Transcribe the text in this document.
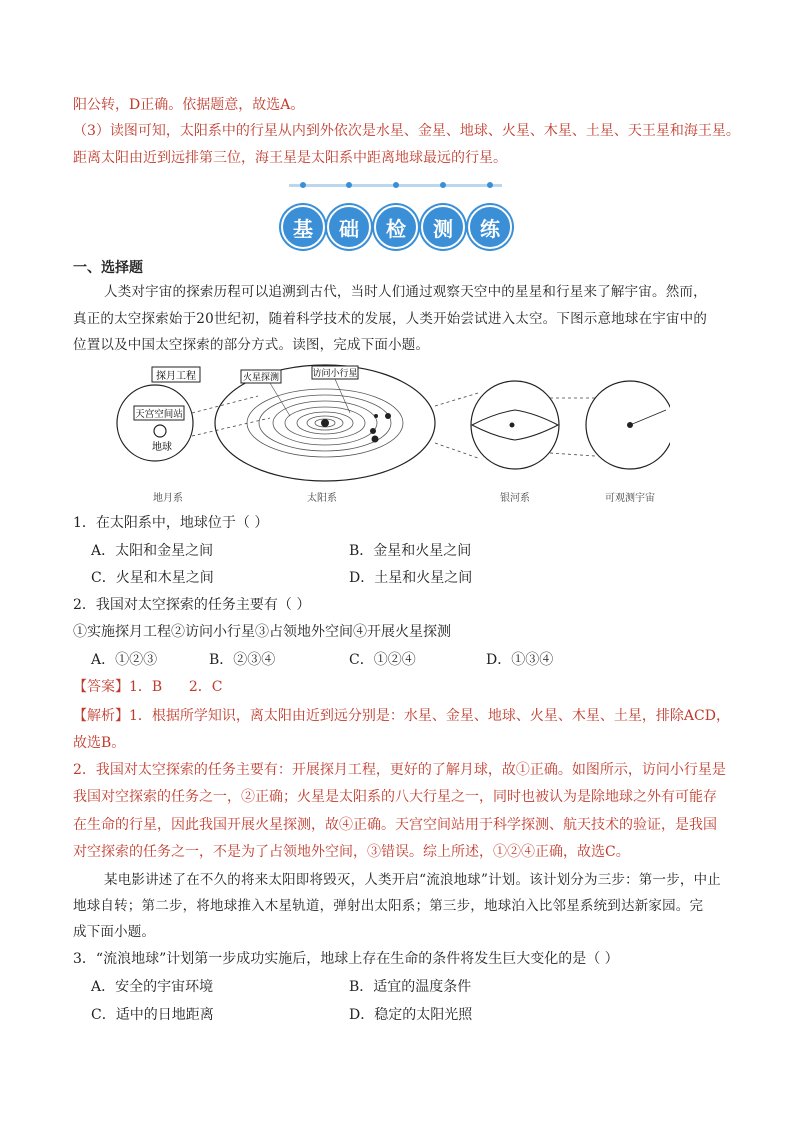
阳公转，D正确。依据题意，故选A。
（3）读图可知，太阳系中的行星从内到外依次是水星、金星、地球、火星、木星、土星、天王星和海王星。
距离太阳由近到远排第三位，海王星是太阳系中距离地球最远的行星。
基	础	检	测	练
一、选择题
人类对宇宙的探索历程可以追溯到古代，当时人们通过观察天空中的星星和行星来了解宇宙。然而，
真正的太空探索始于20世纪初，随着科学技术的发展，人类开始尝试进入太空。下图示意地球在宇宙中的
位置以及中国太空探索的部分方式。读图，完成下面小题。
探月工程
天宫空间站
地球
火星探测	访问小行星
地月系	太阳系	银河系	可观测宇宙
1．在太阳系中，地球位于（ ）
A．太阳和金星之间	B．金星和火星之间
C．火星和木星之间	D．土星和火星之间
2．我国对太空探索的任务主要有（ ）
①实施探月工程②访问小行星③占领地外空间④开展火星探测
A．①②③	B．②③④	C．①②④	D．①③④
【答案】1．B      2．C
【解析】1．根据所学知识，离太阳由近到远分别是：水星、金星、地球、火星、木星、土星，排除ACD，
故选B。
2．我国对太空探索的任务主要有：开展探月工程，更好的了解月球，故①正确。如图所示，访问小行星是
我国对空探索的任务之一，②正确；火星是太阳系的八大行星之一，同时也被认为是除地球之外有可能存
在生命的行星，因此我国开展火星探测，故④正确。天宫空间站用于科学探测、航天技术的验证，是我国
对空探索的任务之一，不是为了占领地外空间，③错误。综上所述，①②④正确，故选C。
某电影讲述了在不久的将来太阳即将毁灭，人类开启“流浪地球”计划。该计划分为三步：第一步，中止
地球自转；第二步，将地球推入木星轨道，弹射出太阳系；第三步，地球泊入比邻星系统到达新家园。完
成下面小题。
3．“流浪地球”计划第一步成功实施后，地球上存在生命的条件将发生巨大变化的是（ ）
A．安全的宇宙环境	B．适宜的温度条件
C．适中的日地距离	D．稳定的太阳光照
